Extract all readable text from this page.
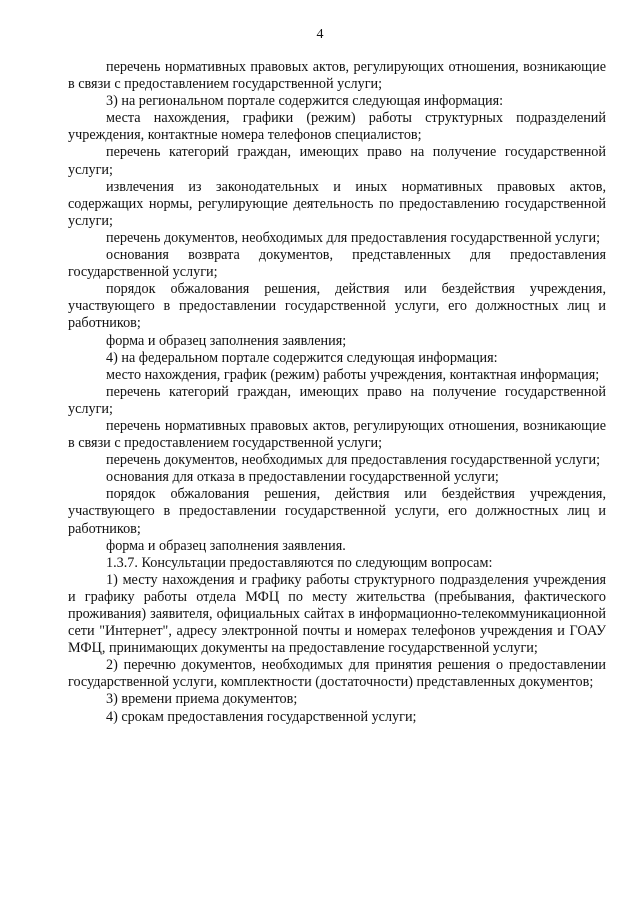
4

перечень нормативных правовых актов, регулирующих отношения, возникающие в связи с предоставлением государственной услуги;

3) на региональном портале содержится следующая информация:

места нахождения, графики (режим) работы структурных подразделений учреждения, контактные номера телефонов специалистов;

перечень категорий граждан, имеющих право на получение государственной услуги;

извлечения из законодательных и иных нормативных правовых актов, содержащих нормы, регулирующие деятельность по предоставлению государственной услуги;

перечень документов, необходимых для предоставления государственной услуги;

основания возврата документов, представленных для предоставления государственной услуги;

порядок обжалования решения, действия или бездействия учреждения, участвующего в предоставлении государственной услуги, его должностных лиц и работников;

форма и образец заполнения заявления;

4) на федеральном портале содержится следующая информация:

место нахождения, график (режим) работы учреждения, контактная информация;

перечень категорий граждан, имеющих право на получение государственной услуги;

перечень нормативных правовых актов, регулирующих отношения, возникающие в связи с предоставлением государственной услуги;

перечень документов, необходимых для предоставления государственной услуги;

основания для отказа в предоставлении государственной услуги;

порядок обжалования решения, действия или бездействия учреждения, участвующего в предоставлении государственной услуги, его должностных лиц и работников;

форма и образец заполнения заявления.

1.3.7. Консультации предоставляются по следующим вопросам:

1) месту нахождения и графику работы структурного подразделения учреждения и графику работы отдела МФЦ по месту жительства (пребывания, фактического проживания) заявителя, официальных сайтах в информационно-телекоммуникационной сети "Интернет", адресу электронной почты и номерах телефонов учреждения и ГОАУ МФЦ, принимающих документы на предоставление государственной услуги;

2) перечню документов, необходимых для принятия решения о предоставлении государственной услуги, комплектности (достаточности) представленных документов;

3) времени приема документов;

4) срокам предоставления государственной услуги;
